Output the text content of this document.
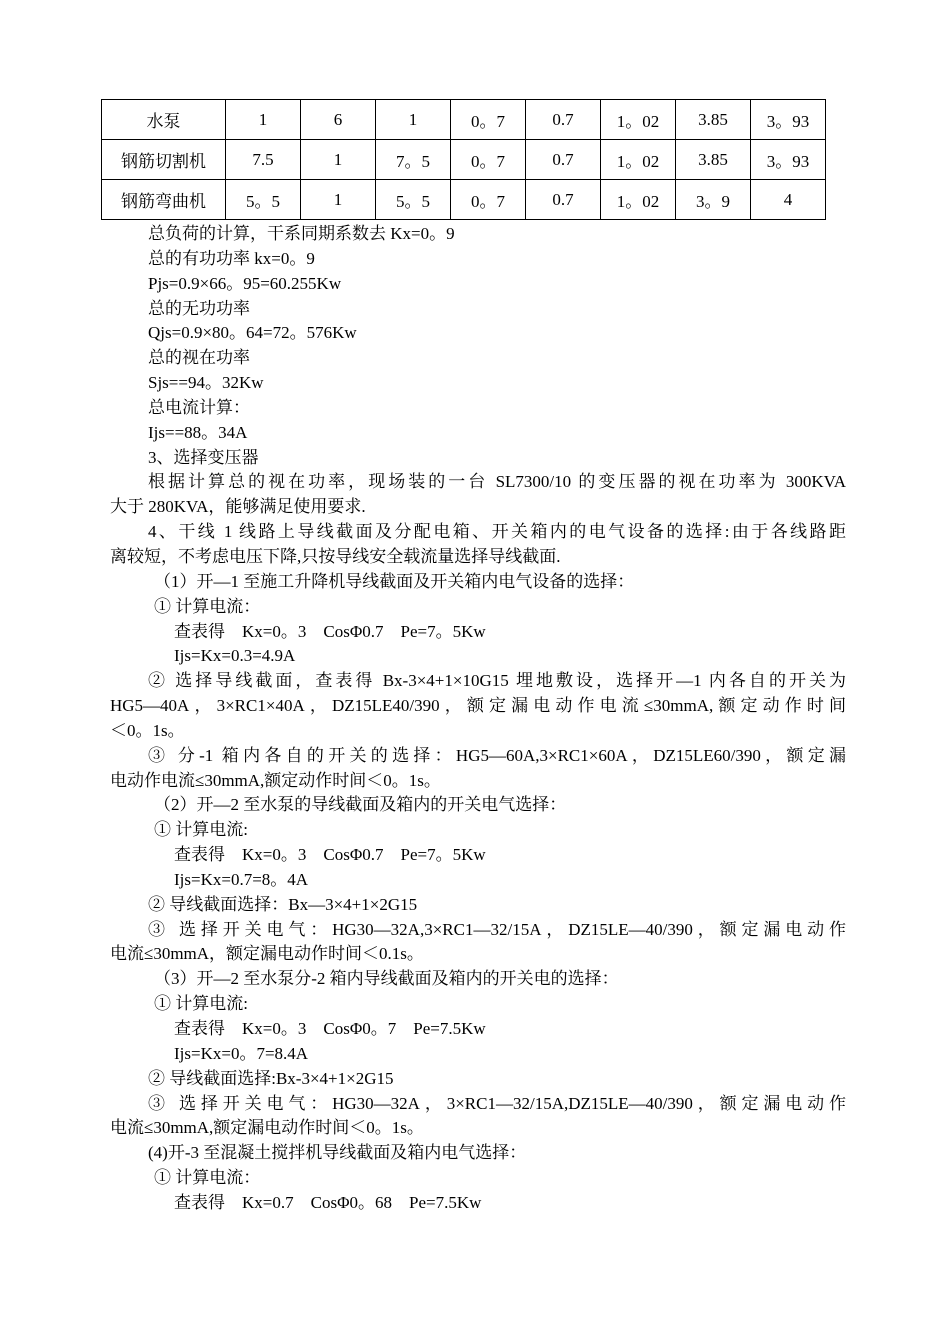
水泵	1	6	1	0。7	0.7	1。02	3.85	3。93
钢筋切割机	7.5	1	7。5	0。7	0.7	1。02	3.85	3。93
钢筋弯曲机	5。5	1	5。5	0。7	0.7	1。02	3。9	4
总负荷的计算，干系同期系数去 Kx=0。9
总的有功功率 kx=0。9
Pjs=0.9×66。95=60.255Kw
总的无功功率
Qjs=0.9×80。64=72。576Kw
总的视在功率
Sjs==94。32Kw
总电流计算：
Ijs==88。34A
3、选择变压器
根据计算总的视在功率，现场装的一台 SL7300/10 的变压器的视在功率为 300KVA
大于 280KVA，能够满足使用要求.
4、干线 1 线路上导线截面及分配电箱、开关箱内的电气设备的选择:由于各线路距
离较短，不考虑电压下降,只按导线安全载流量选择导线截面.
（1）开—1 至施工升降机导线截面及开关箱内电气设备的选择：
① 计算电流：
查表得　Kx=0。3　CosΦ0.7　Pe=7。5Kw
Ijs=Kx=0.3=4.9A
② 选择导线截面，查表得 Bx-3×4+1×10G15 埋地敷设，选择开—1 内各自的开关为
HG5—40A，3×RC1×40A，DZ15LE40/390，额定漏电动作电流≤30mmA,额定动作时间
＜0。1s。
③ 分-1 箱内各自的开关的选择：HG5—60A,3×RC1×60A，DZ15LE60/390，额定漏
电动作电流≤30mmA,额定动作时间＜0。1s。
（2）开—2 至水泵的导线截面及箱内的开关电气选择：
① 计算电流:
查表得　Kx=0。3　CosΦ0.7　Pe=7。5Kw
Ijs=Kx=0.7=8。4A
② 导线截面选择：Bx—3×4+1×2G15
③ 选择开关电气：HG30—32A,3×RC1—32/15A，DZ15LE—40/390，额定漏电动作
电流≤30mmA，额定漏电动作时间＜0.1s。
（3）开—2 至水泵分-2 箱内导线截面及箱内的开关电的选择：
① 计算电流:
查表得　Kx=0。3　CosΦ0。7　Pe=7.5Kw
Ijs=Kx=0。7=8.4A
② 导线截面选择:Bx-3×4+1×2G15
③ 选择开关电气：HG30—32A，3×RC1—32/15A,DZ15LE—40/390，额定漏电动作
电流≤30mmA,额定漏电动作时间＜0。1s。
(4)开-3 至混凝土搅拌机导线截面及箱内电气选择：
① 计算电流：
查表得　Kx=0.7　CosΦ0。68　Pe=7.5Kw
